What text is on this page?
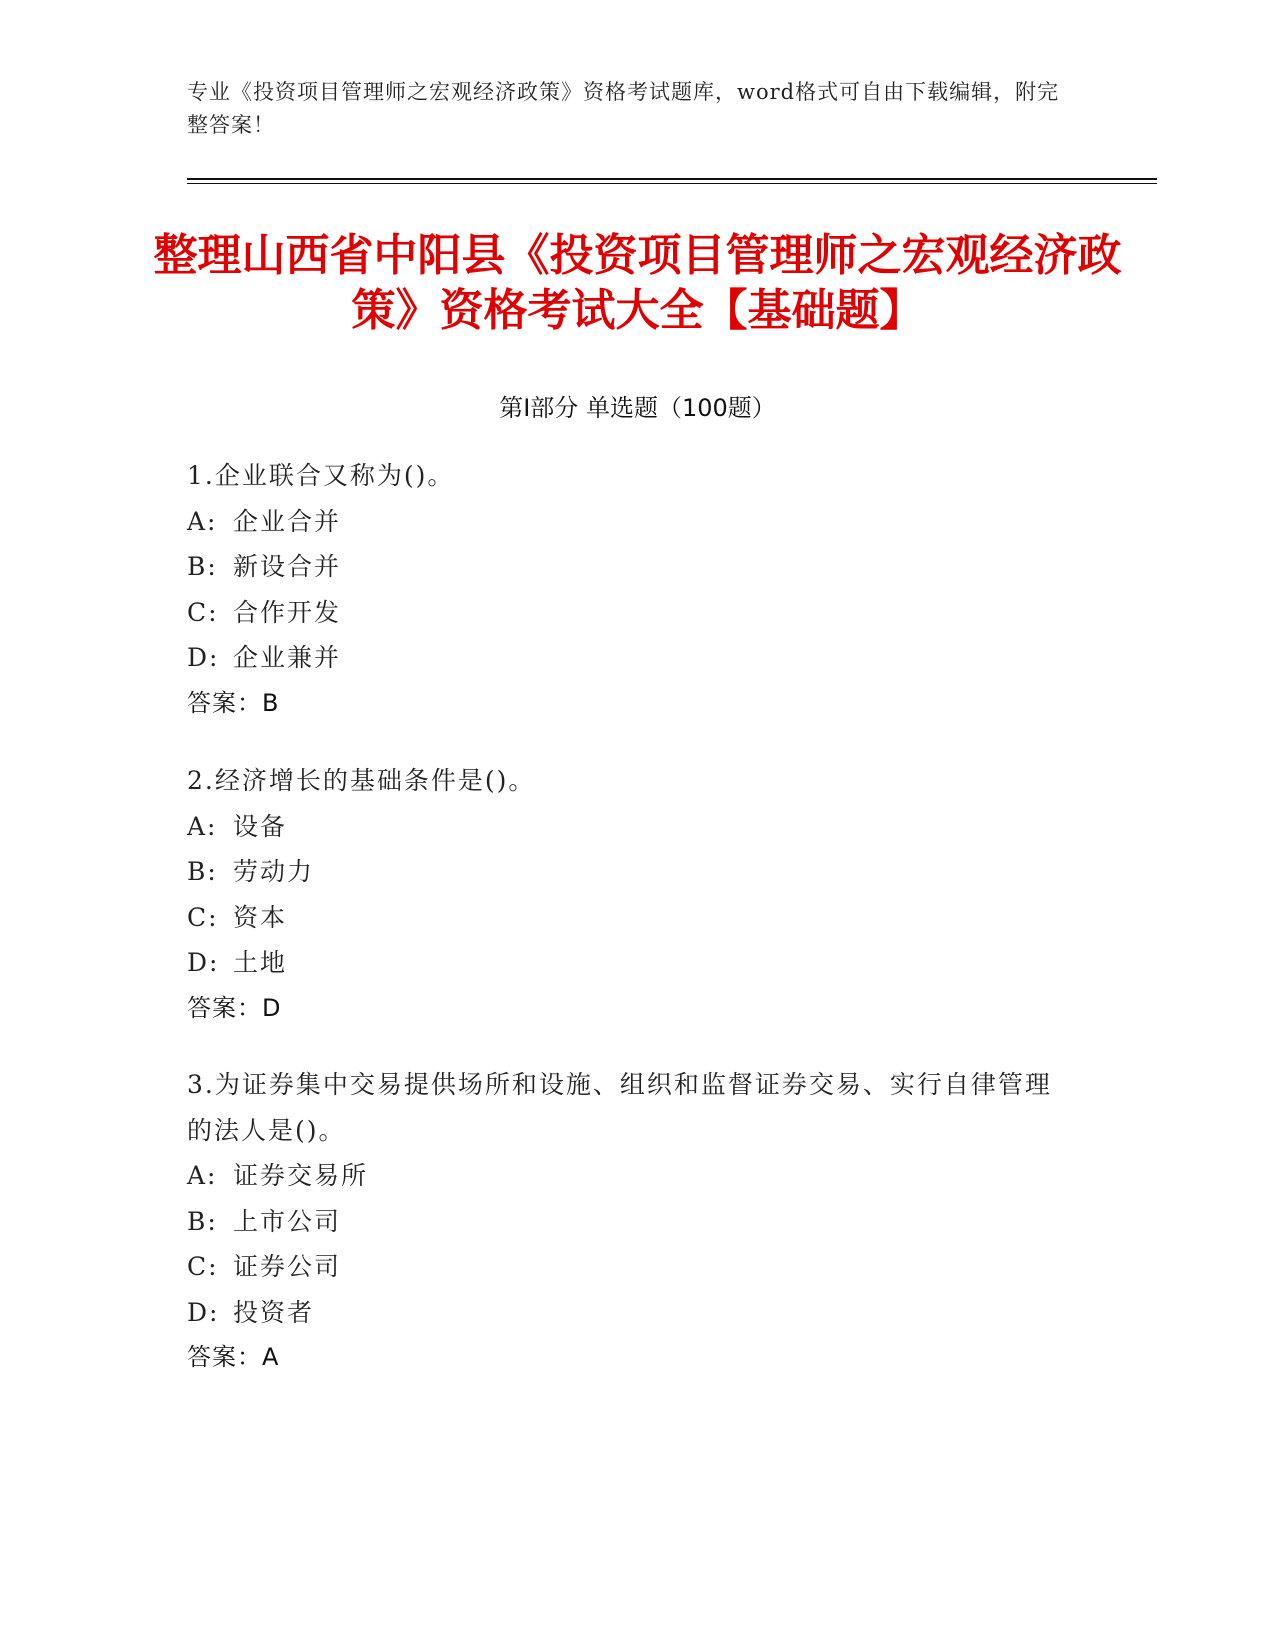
专业《投资项目管理师之宏观经济政策》资格考试题库，word格式可自由下载编辑，附完整答案！
整理山西省中阳县《投资项目管理师之宏观经济政策》资格考试大全【基础题】
第Ⅰ部分 单选题（100题）
1.企业联合又称为()。
A: 企业合并
B: 新设合并
C: 合作开发
D: 企业兼并
答案：B
2.经济增长的基础条件是()。
A: 设备
B: 劳动力
C: 资本
D: 土地
答案：D
3.为证券集中交易提供场所和设施、组织和监督证券交易、实行自律管理的法人是()。
A: 证券交易所
B: 上市公司
C: 证券公司
D: 投资者
答案：A
